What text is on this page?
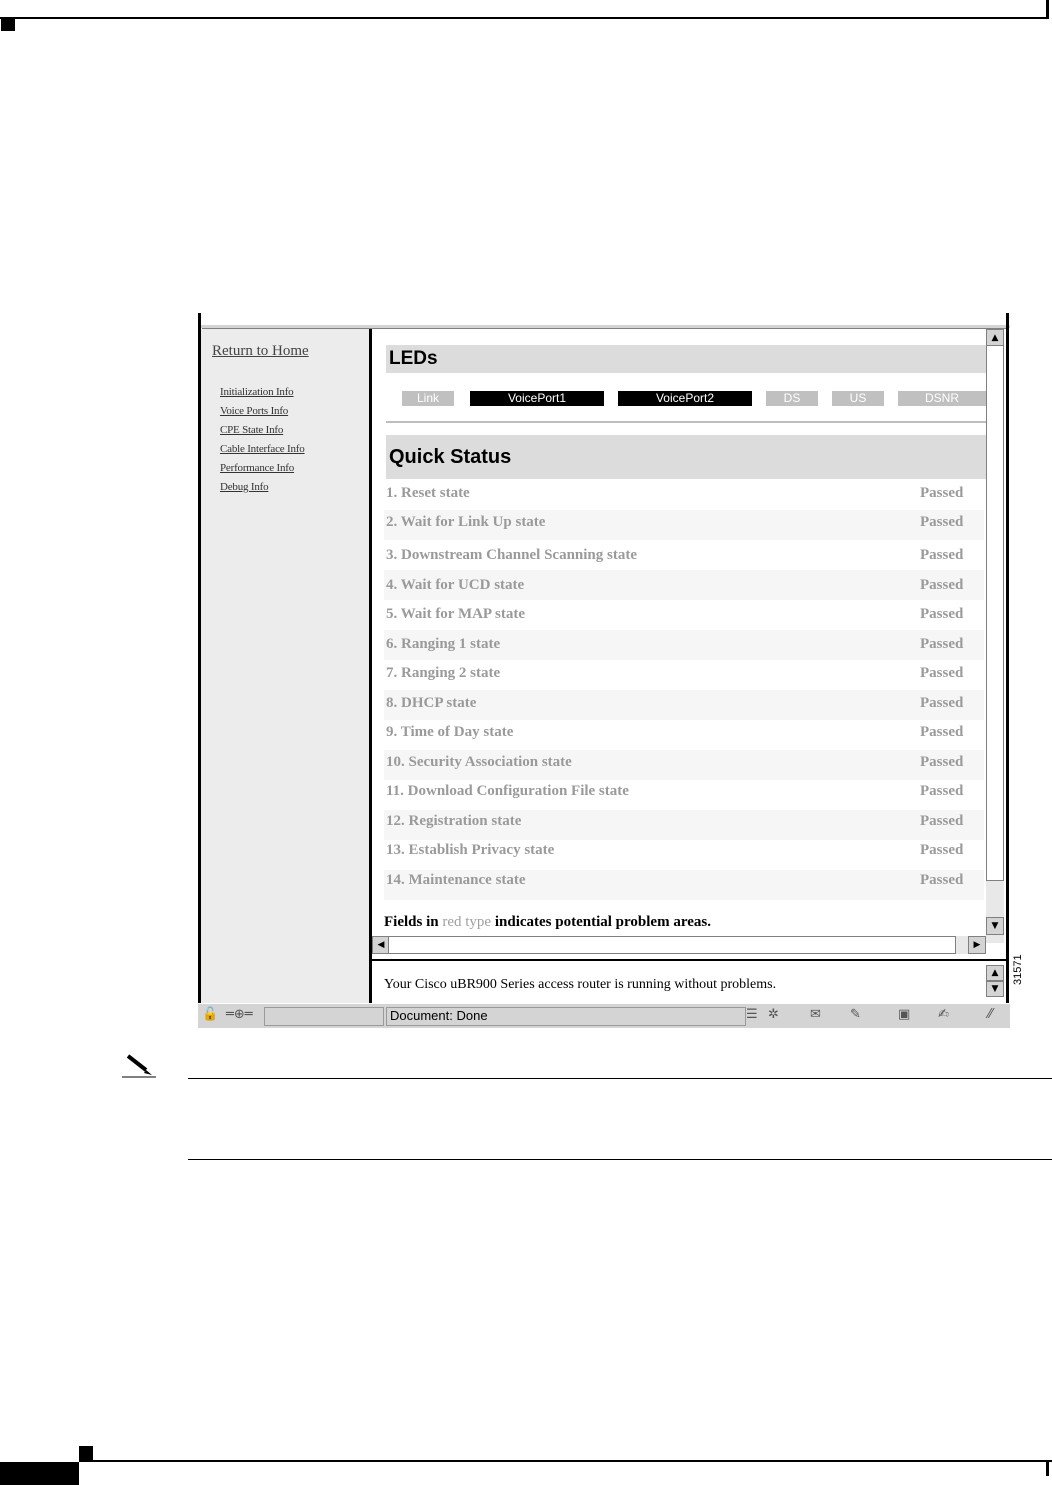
Return to Home
Initialization Info
Voice Ports Info
CPE State Info
Cable Interface Info
Performance Info
Debug Info
LEDs
Link	VoicePort1	VoicePort2	DS	US	DSNR
Quick Status
1. Reset state	Passed
2. Wait for Link Up state	Passed
3. Downstream Channel Scanning state	Passed
4. Wait for UCD state	Passed
5. Wait for MAP state	Passed
6. Ranging 1 state	Passed
7. Ranging 2 state	Passed
8. DHCP state	Passed
9. Time of Day state	Passed
10. Security Association state	Passed
11. Download Configuration File state	Passed
12. Registration state	Passed
13. Establish Privacy state	Passed
14. Maintenance state	Passed
Fields in red type indicates potential problem areas.
▲
▼
◀	▶
Your Cisco uBR900 Series access router is running without problems.
▲
▼
🔓 ═⊕═	Document: Done	☰ ✲ ✉ ✎	▣ ✍	⁄⁄
31571
